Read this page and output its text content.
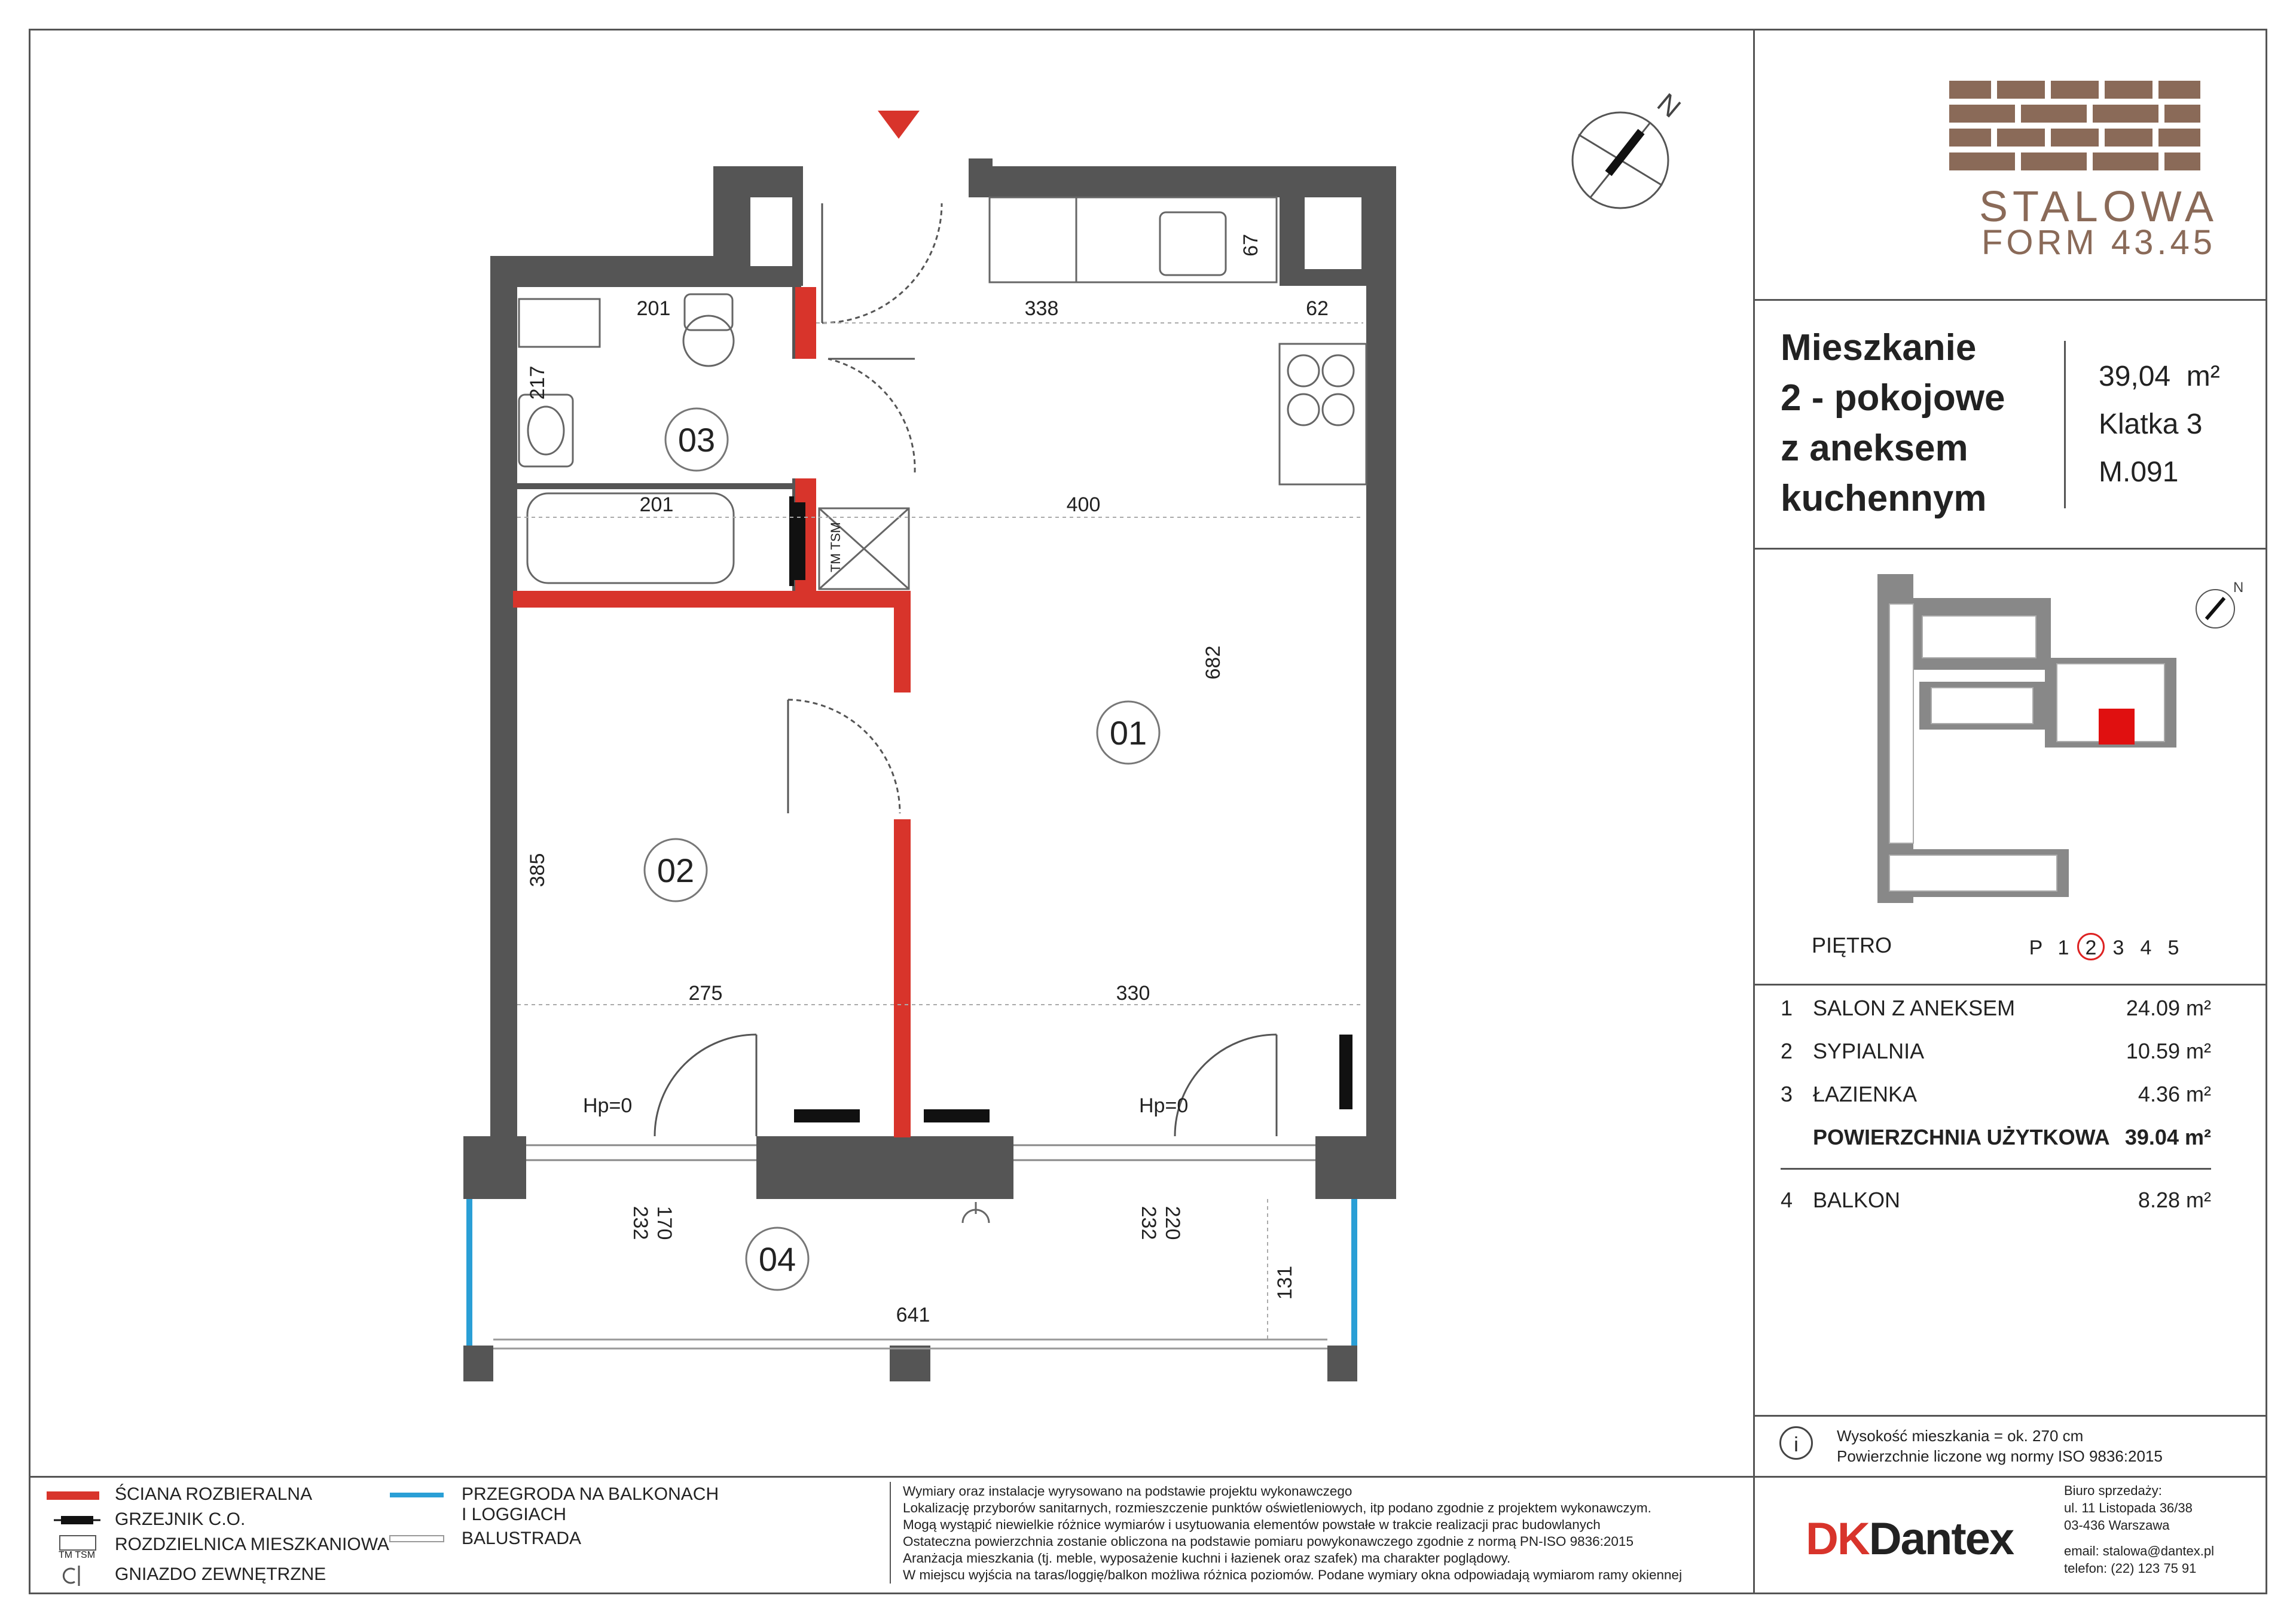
N
03
01
02
04
201	338
67
62
217
201	400
682
385
275	330
170
232	232 220
131
641
Hp=0	Hp=0
TM TSM
N
STALOWA
FORM 43.45
Mieszkanie
2 - pokojowe
z aneksem
kuchennym
39,04 m²
Klatka 3
M.091
PIĘTRO	P 1 2 3 4 5
1 SALON Z ANEKSEM	24.09 m²
2 SYPIALNIA	10.59 m²
3 ŁAZIENKA	4.36 m²
POWIERZCHNIA UŻYTKOWA 39.04 m²
4 BALKON	8.28 m²
i	Wysokość mieszkania = ok. 270 cm
Powierzchnie liczone wg normy ISO 9836:2015
ŚCIANA ROZBIERALNA
GRZEJNIK C.O.
ROZDZIELNICA MIESZKANIOWA
TM TSM
GNIAZDO ZEWNĘTRZNE
PRZEGRODA NA BALKONACH
I LOGGIACH
BALUSTRADA
Wymiary oraz instalacje wyrysowano na podstawie projektu wykonawczego
Lokalizację przyborów sanitarnych, rozmieszczenie punktów oświetleniowych, itp podano zgodnie z projektem wykonawczym.
Mogą wystąpić niewielkie różnice wymiarów i usytuowania elementów powstałe w trakcie realizacji prac budowlanych
Ostateczna powierzchnia zostanie obliczona na podstawie pomiaru powykonawczego zgodnie z normą PN-ISO 9836:2015
Aranżacja mieszkania (tj. meble, wyposażenie kuchni i łazienek oraz szafek) ma charakter poglądowy.
W miejscu wyjścia na taras/loggię/balkon możliwa różnica poziomów. Podane wymiary okna odpowiadają wymiarom ramy okiennej
DKDantex
Biuro sprzedaży:
ul. 11 Listopada 36/38
03-436 Warszawa
email: stalowa@dantex.pl
telefon: (22) 123 75 91
